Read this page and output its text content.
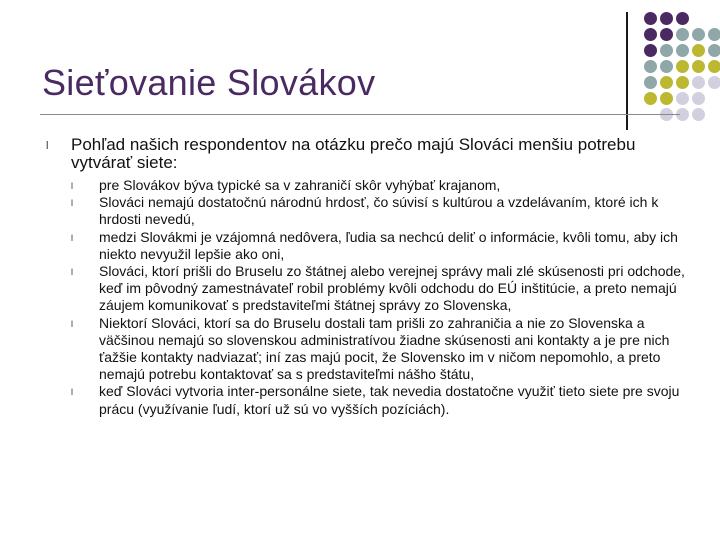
Sieťovanie Slovákov
l Pohľad našich respondentov na otázku prečo majú Slováci menšiu potrebu vytvárať siete:
l pre Slovákov býva typické sa v zahraničí skôr vyhýbať krajanom,
l Slováci nemajú dostatočnú národnú hrdosť, čo súvisí s kultúrou a vzdelávaním, ktoré ich k hrdosti nevedú,
l medzi Slovákmi je vzájomná nedôvera, ľudia sa nechcú deliť o informácie, kvôli tomu, aby ich niekto nevyužil lepšie ako oni,
l Slováci, ktorí prišli do Bruselu zo štátnej alebo verejnej správy mali zlé skúsenosti pri odchode, keď im pôvodný zamestnávateľ robil problémy kvôli odchodu do EÚ inštitúcie, a preto nemajú záujem komunikovať s predstaviteľmi štátnej správy zo Slovenska,
l Niektorí Slováci, ktorí sa do Bruselu dostali tam prišli zo zahraničia a nie zo Slovenska a väčšinou nemajú so slovenskou administratívou žiadne skúsenosti ani kontakty a je pre nich ťažšie kontakty nadviazať; iní zas majú pocit, že Slovensko im v ničom nepomohlo, a preto nemajú potrebu kontaktovať sa s predstaviteľmi nášho štátu,
l keď Slováci vytvoria inter-personálne siete, tak nevedia dostatočne využiť tieto siete pre svoju prácu (využívanie ľudí, ktorí už sú vo vyšších pozíciách).
